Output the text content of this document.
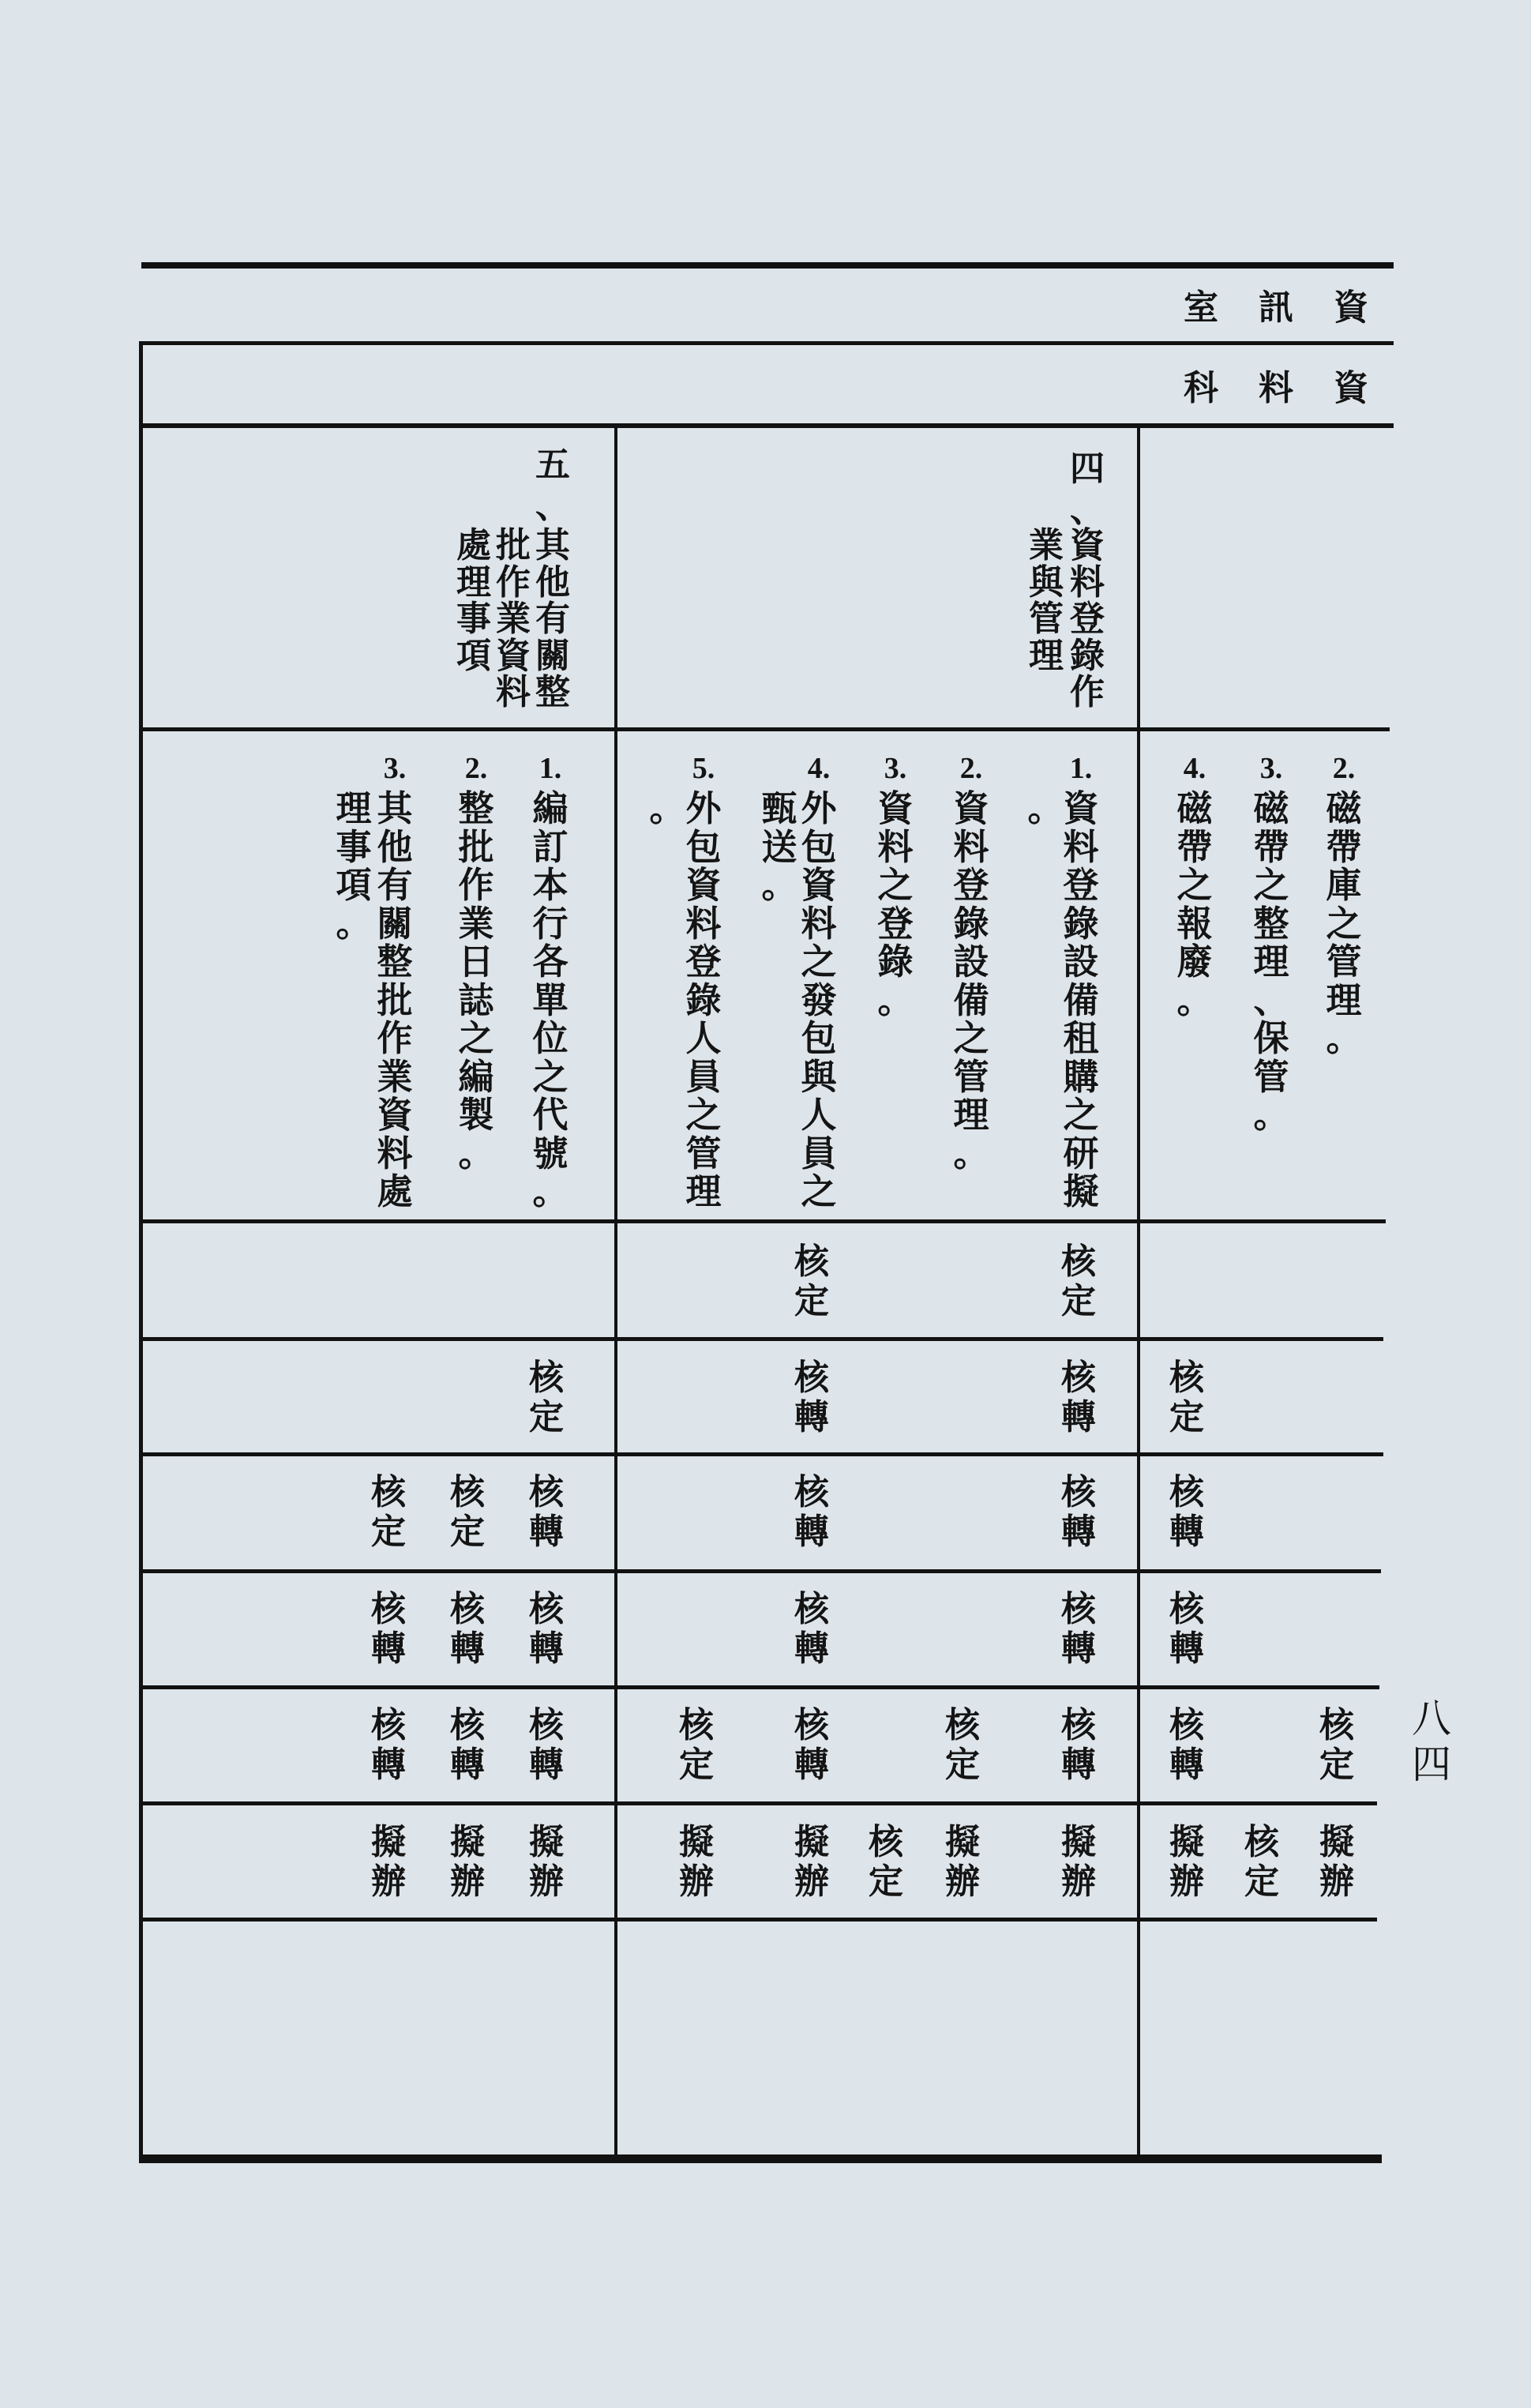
資
訊
室
資
料
科
五、
其他有關整
批作業資料
處理事項
四、
資料登錄作
業與管理
2.
磁帶庫之管理。
3.
磁帶之整理、保管。
4.
磁帶之報廢。
1.
資料登錄設備租購之研擬
。
2.
資料登錄設備之管理。
3.
資料之登錄。
4.
外包資料之發包與人員之
甄送。
5.
外包資料登錄人員之管理
。
1.
編訂本行各單位之代號。
2.
整批作業日誌之編製。
3.
其他有關整批作業資料處
理事項。
核定
核定
核定
核轉
核轉
核定
核定
核定
核轉
核轉
核轉
核轉
核轉
核轉
核轉
核轉
核轉
核轉
核轉
核轉
核轉
核定
核轉
核定
核轉
核轉
核定
擬辦
擬辦
擬辦
擬辦
擬辦
核定
擬辦
擬辦
擬辦
核定
擬辦
八四
